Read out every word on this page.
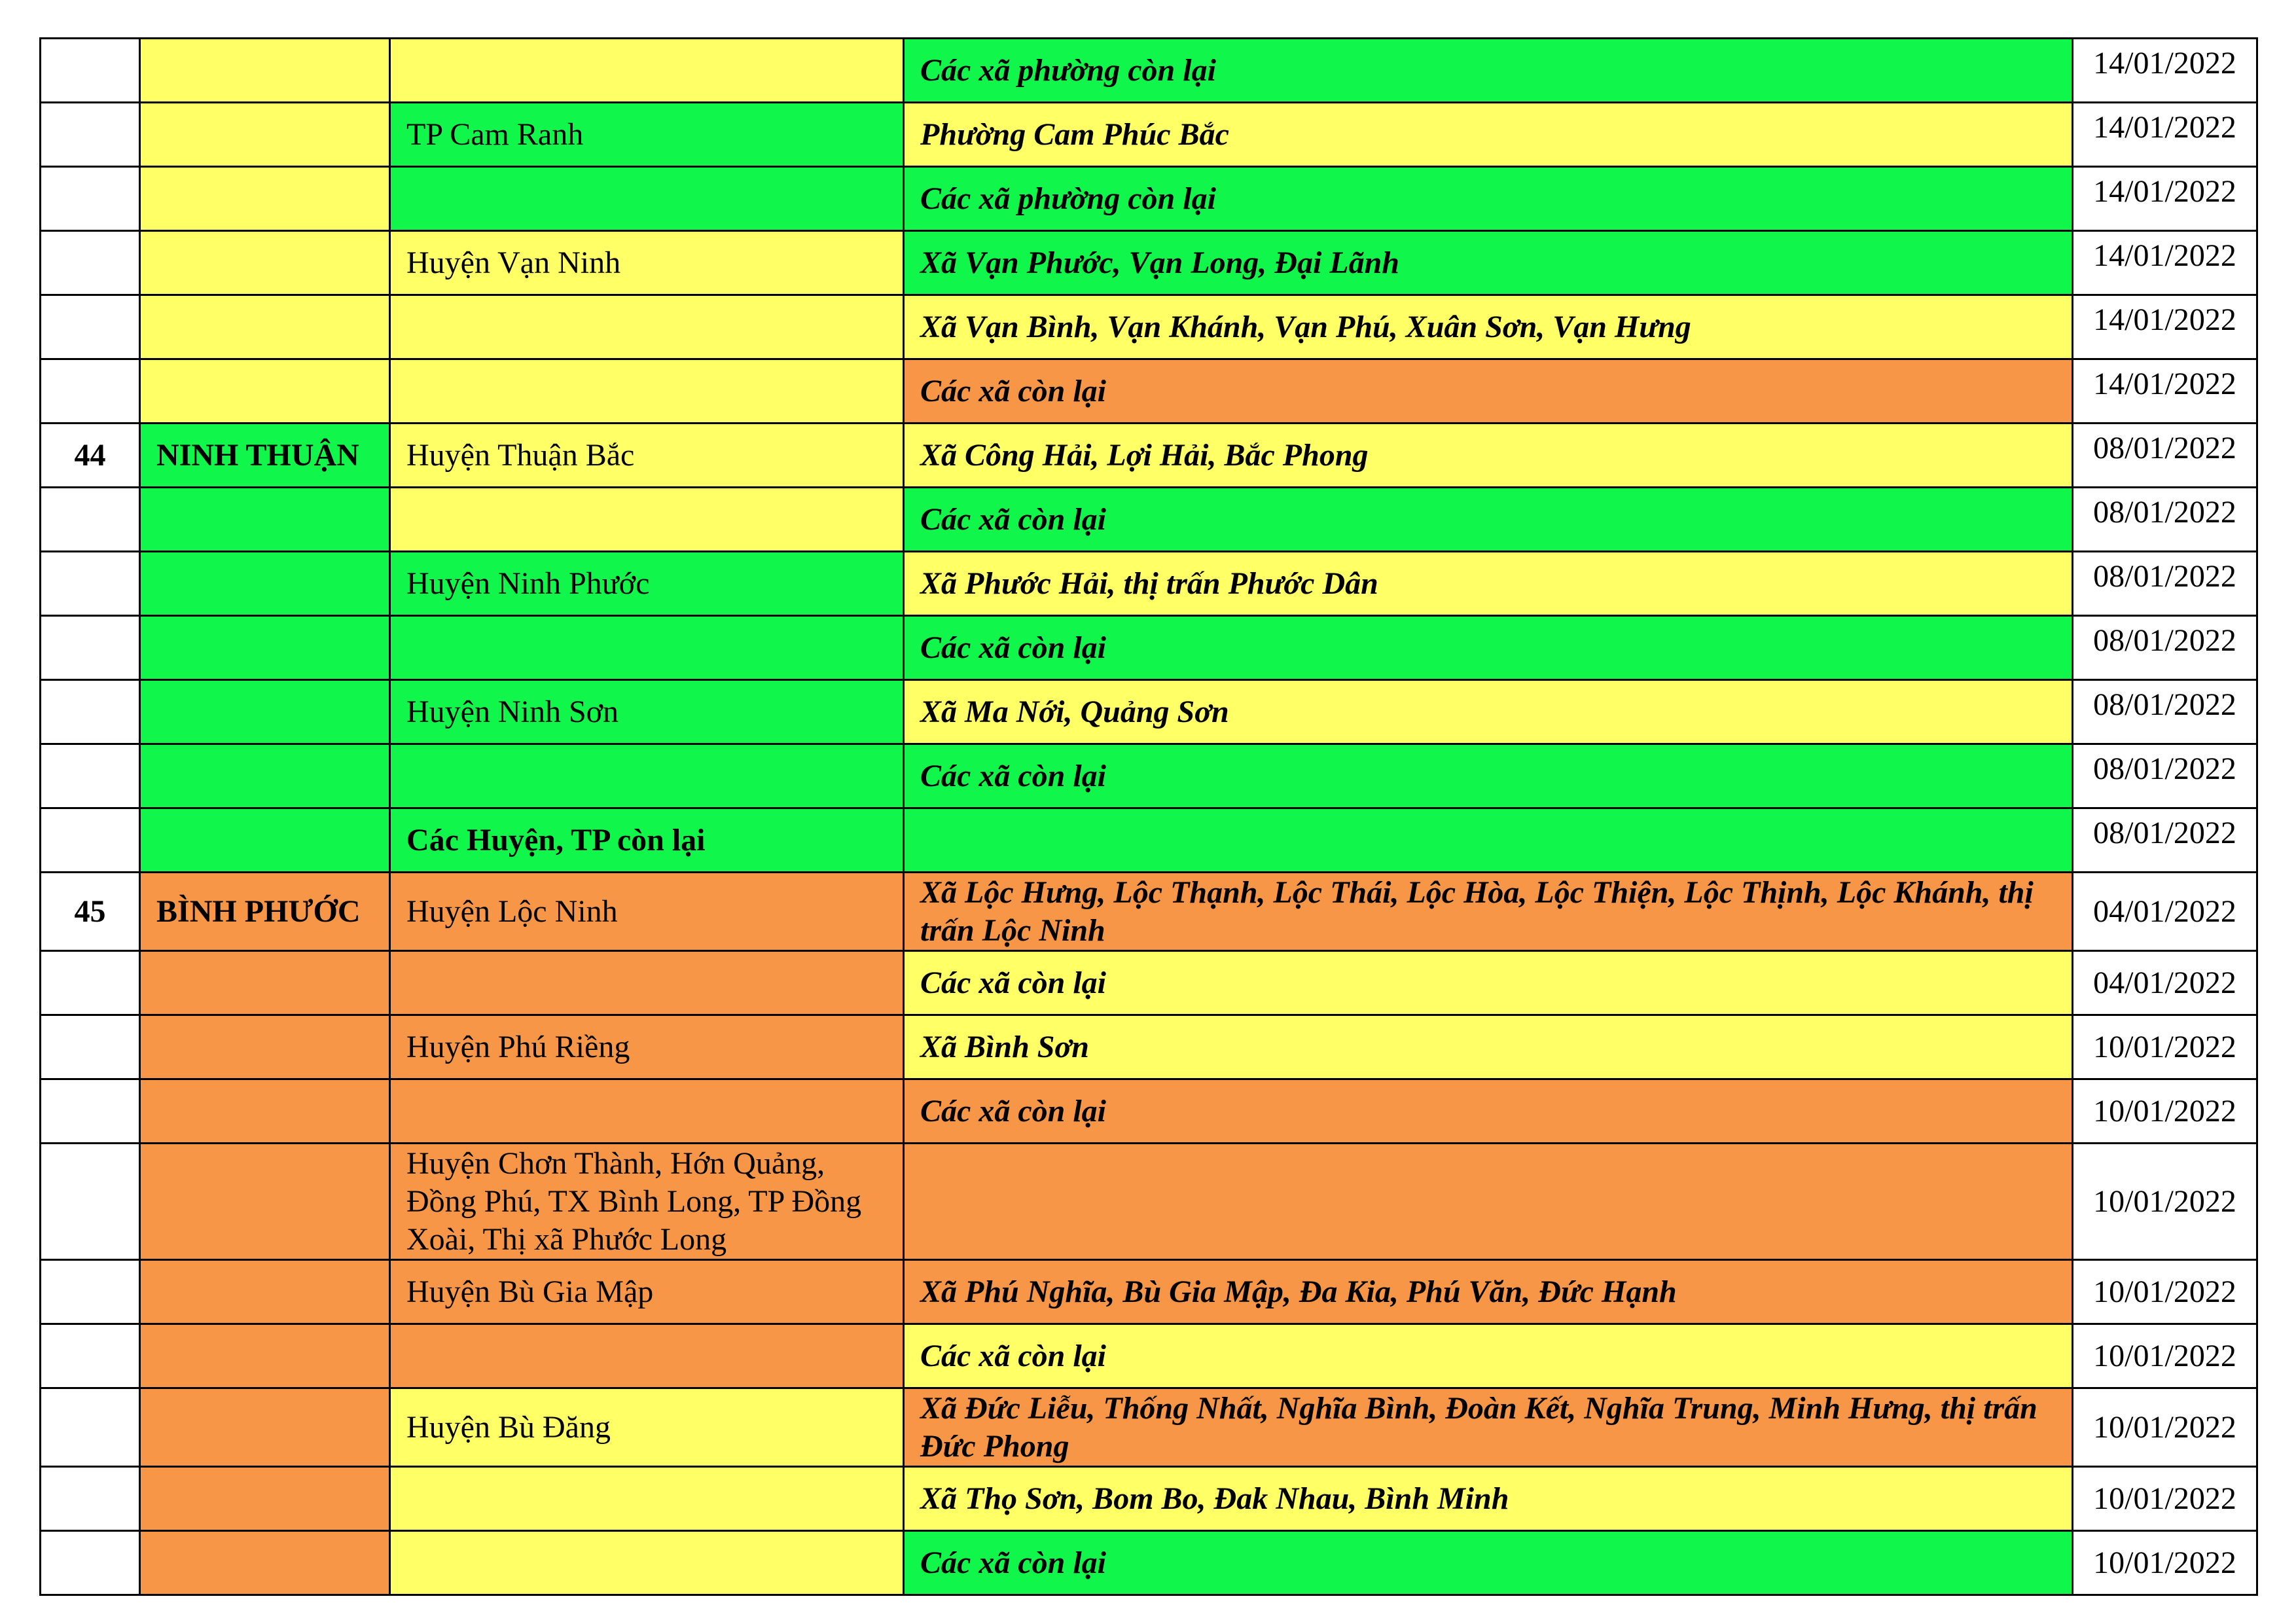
			Các xã phường còn lại	14/01/2022
		TP Cam Ranh	Phường Cam Phúc Bắc	14/01/2022
			Các xã phường còn lại	14/01/2022
		Huyện Vạn Ninh	Xã Vạn Phước, Vạn Long, Đại Lãnh	14/01/2022
			Xã Vạn Bình, Vạn Khánh, Vạn Phú, Xuân Sơn, Vạn Hưng	14/01/2022
			Các xã còn lại	14/01/2022
44	NINH THUẬN	Huyện Thuận Bắc	Xã Công Hải, Lợi Hải, Bắc Phong	08/01/2022
			Các xã còn lại	08/01/2022
		Huyện Ninh Phước	Xã Phước Hải, thị trấn Phước Dân	08/01/2022
			Các xã còn lại	08/01/2022
		Huyện Ninh Sơn	Xã Ma Nới, Quảng Sơn	08/01/2022
			Các xã còn lại	08/01/2022
		Các Huyện, TP còn lại		08/01/2022
45	BÌNH PHƯỚC	Huyện Lộc Ninh	Xã Lộc Hưng, Lộc Thạnh, Lộc Thái, Lộc Hòa, Lộc Thiện, Lộc Thịnh, Lộc Khánh, thị trấn Lộc Ninh	04/01/2022
			Các xã còn lại	04/01/2022
		Huyện Phú Riềng	Xã Bình Sơn	10/01/2022
			Các xã còn lại	10/01/2022
		Huyện Chơn Thành, Hớn Quảng, Đồng Phú, TX Bình Long, TP Đồng Xoài, Thị xã Phước Long		10/01/2022
		Huyện Bù Gia Mập	Xã Phú Nghĩa, Bù Gia Mập, Đa Kia, Phú Văn, Đức Hạnh	10/01/2022
			Các xã còn lại	10/01/2022
		Huyện Bù Đăng	Xã Đức Liễu, Thống Nhất, Nghĩa Bình, Đoàn Kết, Nghĩa Trung, Minh Hưng, thị trấn Đức Phong	10/01/2022
			Xã Thọ Sơn, Bom Bo, Đak Nhau, Bình Minh	10/01/2022
			Các xã còn lại	10/01/2022
